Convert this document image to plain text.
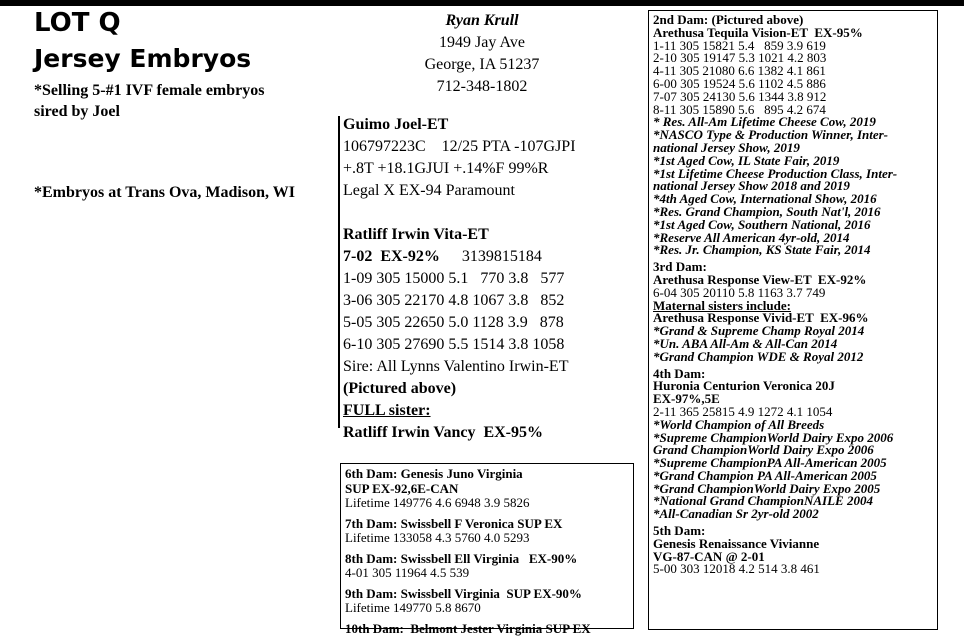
LOT Q
Jersey Embryos
*Selling 5-#1 IVF female embryos
sired by Joel
*Embryos at Trans Ova, Madison, WI
Ryan Krull
1949 Jay Ave
George, IA 51237
712-348-1802
Guimo Joel-ET
106797223C    12/25 PTA -107GJPI
+.8T +18.1GJUI +.14%F 99%R
Legal X EX-94 Paramount
Ratliff Irwin Vita-ET
7-02  EX-92% 3139815184
1-09 305 15000 5.1   770 3.8   577
3-06 305 22170 4.8 1067 3.8   852
5-05 305 22650 5.0 1128 3.9   878
6-10 305 27690 5.5 1514 3.8 1058
Sire: All Lynns Valentino Irwin-ET
(Pictured above)
FULL sister:
Ratliff Irwin Vancy  EX-95%
6th Dam: Genesis Juno Virginia
SUP EX-92,6E-CAN
Lifetime 149776 4.6 6948 3.9 5826
7th Dam: Swissbell F Veronica SUP EX
Lifetime 133058 4.3 5760 4.0 5293
8th Dam: Swissbell Ell Virginia   EX-90%
4-01 305 11964 4.5 539
9th Dam: Swissbell Virginia  SUP EX-90%
Lifetime 149770 5.8 8670
10th Dam:  Belmont Jester Virginia SUP EX
2nd Dam: (Pictured above)
Arethusa Tequila Vision-ET  EX-95%
1-11 305 15821 5.4   859 3.9 619
2-10 305 19147 5.3 1021 4.2 803
4-11 305 21080 6.6 1382 4.1 861
6-00 305 19524 5.6 1102 4.5 886
7-07 305 24130 5.6 1344 3.8 912
8-11 305 15890 5.6   895 4.2 674
* Res. All-Am Lifetime Cheese Cow, 2019
*NASCO Type & Production Winner, Inter-
national Jersey Show, 2019
*1st Aged Cow, IL State Fair, 2019
*1st Lifetime Cheese Production Class, Inter-
national Jersey Show 2018 and 2019
*4th Aged Cow, International Show, 2016
*Res. Grand Champion, South Nat'l, 2016
*1st Aged Cow, Southern National, 2016
*Reserve All American 4yr-old, 2014
*Res. Jr. Champion, KS State Fair, 2014
3rd Dam:
Arethusa Response View-ET  EX-92%
6-04 305 20110 5.8 1163 3.7 749
Maternal sisters include:
Arethusa Response Vivid-ET  EX-96%
*Grand & Supreme Champ Royal 2014
*Un. ABA All-Am & All-Can 2014
*Grand Champion WDE & Royal 2012
4th Dam:
Huronia Centurion Veronica 20J
EX-97%,5E
2-11 365 25815 4.9 1272 4.1 1054
*World Champion of All Breeds
*Supreme ChampionWorld Dairy Expo 2006
Grand ChampionWorld Dairy Expo 2006
*Supreme ChampionPA All-American 2005
*Grand Champion PA All-American 2005
*Grand ChampionWorld Dairy Expo 2005
*National Grand ChampionNAILE 2004
*All-Canadian Sr 2yr-old 2002
5th Dam:
Genesis Renaissance Vivianne
VG-87-CAN @ 2-01
5-00 303 12018 4.2 514 3.8 461
